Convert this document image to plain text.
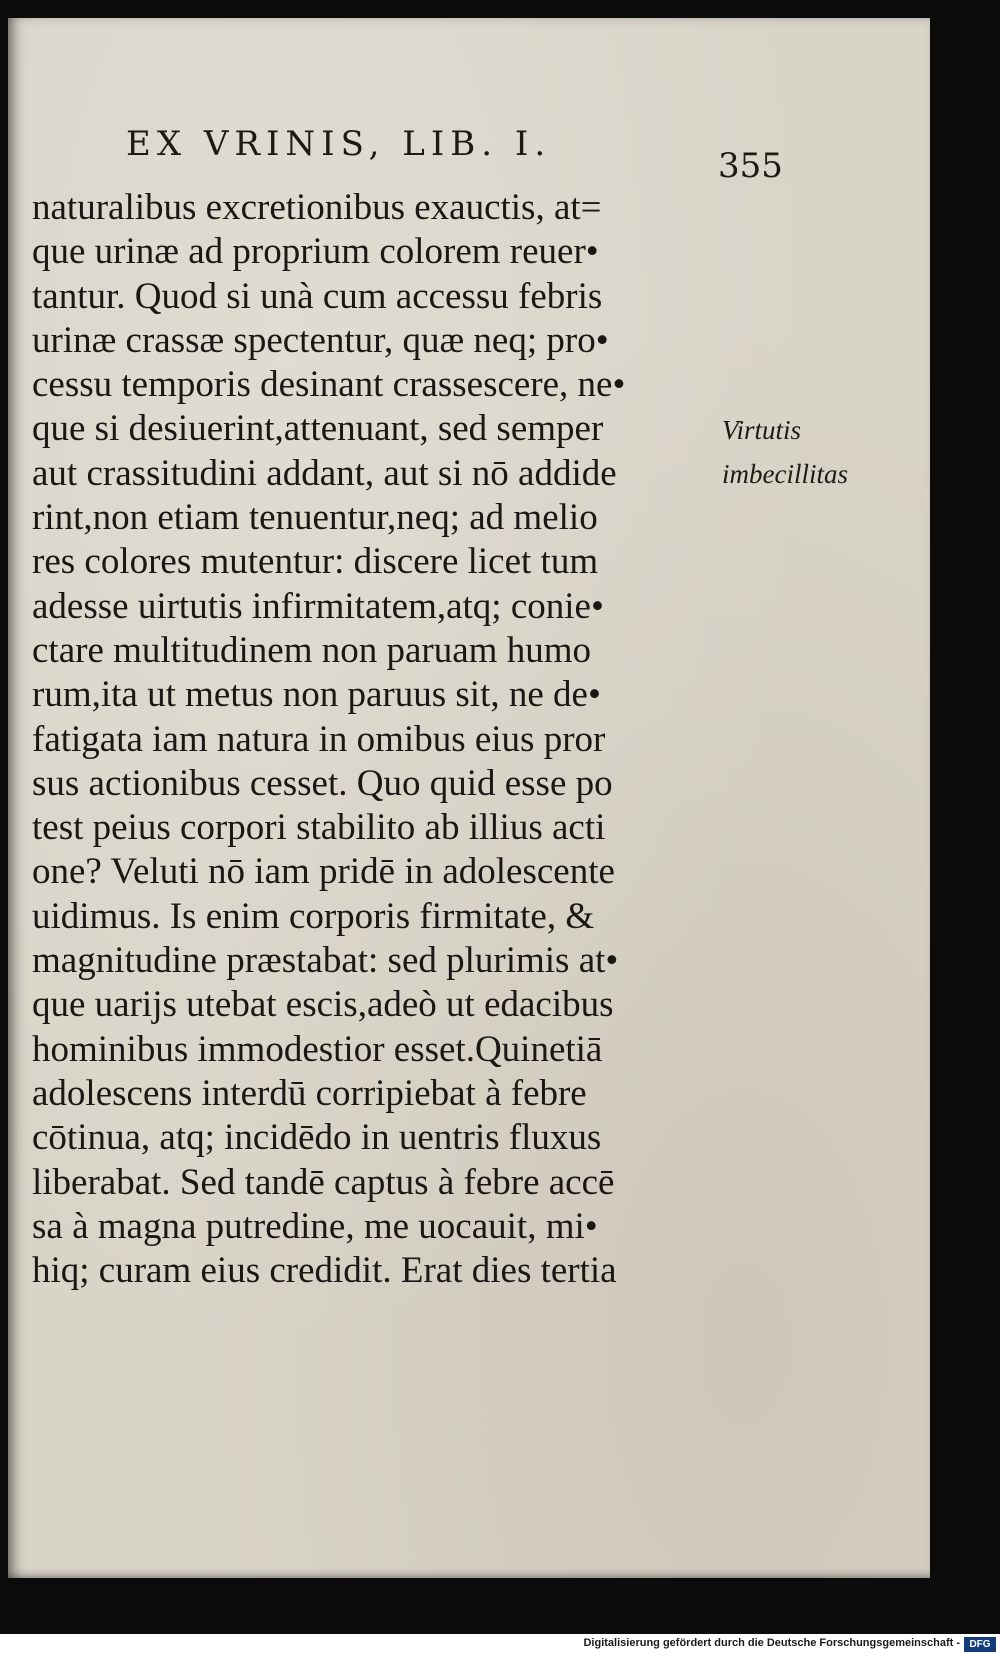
EX VRINIS, LIB. I.
355
naturalibus excretionibus exauctis, at=
que urinæ ad proprium colorem reuer•
tantur. Quod si unà cum accessu febris
urinæ crassæ spectentur, quæ neq; pro•
cessu temporis desinant crassescere, ne•
que si desiuerint,attenuant, sed semper
aut crassitudini addant, aut si nō addide
rint,non etiam tenuentur,neq; ad melio
res colores mutentur: discere licet tum
adesse uirtutis infirmitatem,atq; conie•
ctare multitudinem non paruam humo
rum,ita ut metus non paruus sit, ne de•
fatigata iam natura in omibus eius pror
sus actionibus cesset. Quo quid esse po
test peius corpori stabilito ab illius acti
one? Veluti nō iam pridē in adolescente
uidimus. Is enim corporis firmitate, &
magnitudine præstabat: sed plurimis at•
que uarijs utebat escis,adeò ut edacibus
hominibus immodestior esset.Quinetiā
adolescens interdū corripiebat à febre
cōtinua, atq; incidēdo in uentris fluxus
liberabat. Sed tandē captus à febre accē
sa à magna putredine, me uocauit, mi•
hiq; curam eius credidit. Erat dies tertia
Virtutis
imbecillitas
Digitalisierung gefördert durch die Deutsche Forschungsgemeinschaft - DFG
